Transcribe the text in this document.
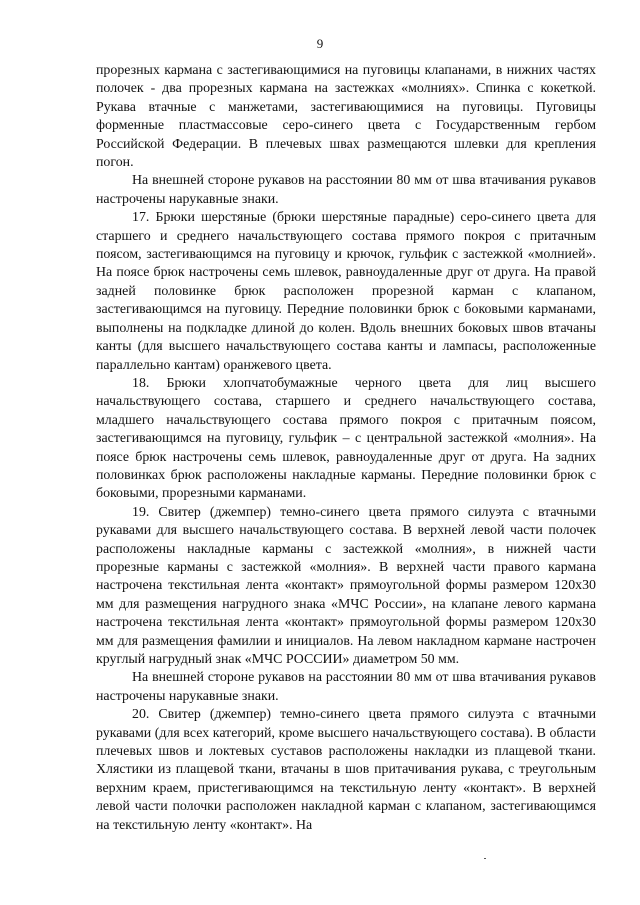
9

прорезных кармана с застегивающимися на пуговицы клапанами, в нижних частях полочек - два прорезных кармана на застежках «молниях». Спинка с кокеткой. Рукава втачные с манжетами, застегивающимися на пуговицы. Пуговицы форменные пластмассовые серо-синего цвета с Государственным гербом Российской Федерации. В плечевых швах размещаются шлевки для крепления погон.

На внешней стороне рукавов на расстоянии 80 мм от шва втачивания рукавов настрочены нарукавные знаки.

17. Брюки шерстяные (брюки шерстяные парадные) серо-синего цвета для старшего и среднего начальствующего состава прямого покроя с притачным поясом, застегивающимся на пуговицу и крючок, гульфик с застежкой «молнией». На поясе брюк настрочены семь шлевок, равноудаленные друг от друга. На правой задней половинке брюк расположен прорезной карман с клапаном, застегивающимся на пуговицу. Передние половинки брюк с боковыми карманами, выполнены на подкладке длиной до колен. Вдоль внешних боковых швов втачаны канты (для высшего начальствующего состава канты и лампасы, расположенные параллельно кантам) оранжевого цвета.

18. Брюки хлопчатобумажные черного цвета для лиц высшего начальствующего состава, старшего и среднего начальствующего состава, младшего начальствующего состава прямого покроя с притачным поясом, застегивающимся на пуговицу, гульфик – с центральной застежкой «молния». На поясе брюк настрочены семь шлевок, равноудаленные друг от друга. На задних половинках брюк расположены накладные карманы. Передние половинки брюк с боковыми, прорезными карманами.

19. Свитер (джемпер) темно-синего цвета прямого силуэта с втачными рукавами для высшего начальствующего состава. В верхней левой части полочек расположены накладные карманы с застежкой «молния», в нижней части прорезные карманы с застежкой «молния». В верхней части правого кармана настрочена текстильная лента «контакт» прямоугольной формы размером 120x30 мм для размещения нагрудного знака «МЧС России», на клапане левого кармана настрочена текстильная лента «контакт» прямоугольной формы размером 120x30 мм для размещения фамилии и инициалов. На левом накладном кармане настрочен круглый нагрудный знак «МЧС РОССИИ» диаметром 50 мм.

На внешней стороне рукавов на расстоянии 80 мм от шва втачивания рукавов настрочены нарукавные знаки.

20. Свитер (джемпер) темно-синего цвета прямого силуэта с втачными рукавами (для всех категорий, кроме высшего начальствующего состава). В области плечевых швов и локтевых суставов расположены накладки из плащевой ткани. Хлястики из плащевой ткани, втачаны в шов притачивания рукава, с треугольным верхним краем, пристегивающимся на текстильную ленту «контакт». В верхней левой части полочки расположен накладной карман с клапаном, застегивающимся на текстильную ленту «контакт». На
